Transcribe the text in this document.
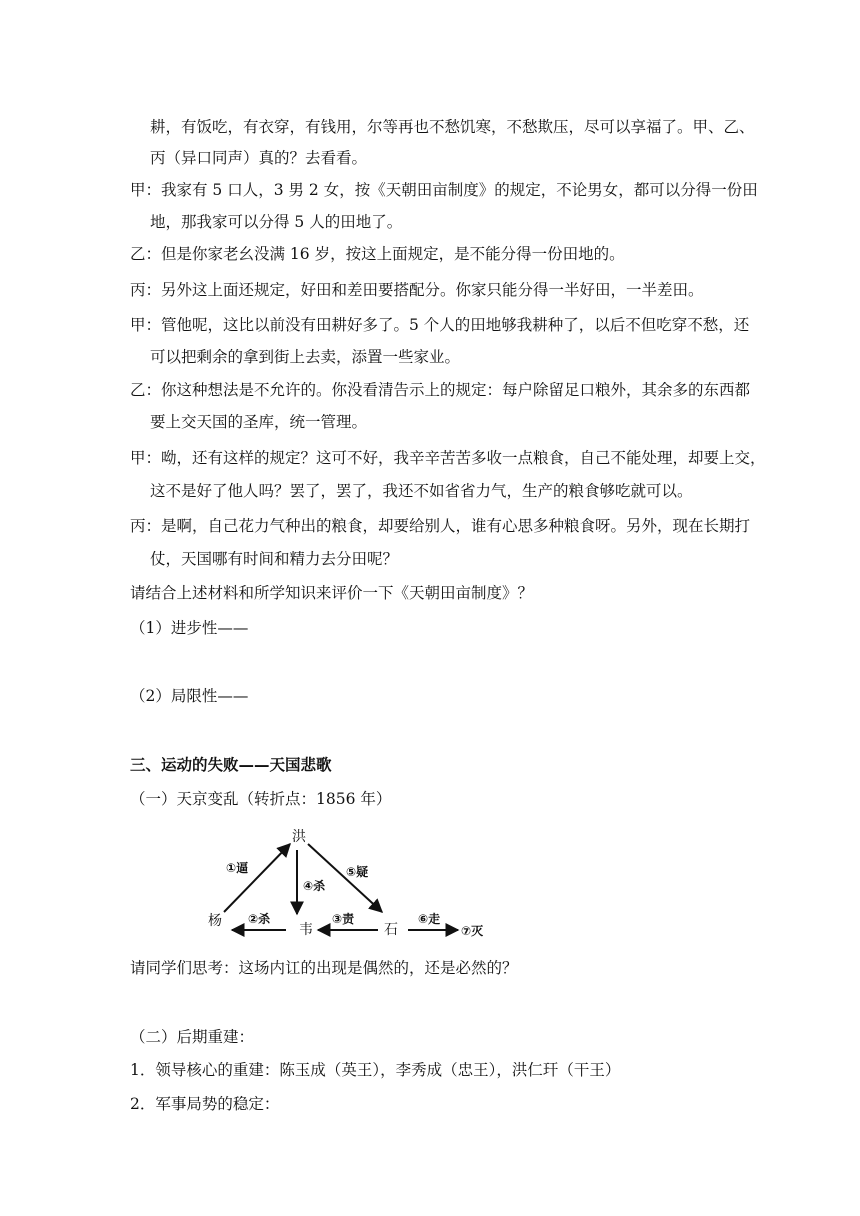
耕，有饭吃，有衣穿，有钱用，尔等再也不愁饥寒，不愁欺压，尽可以享福了。甲、乙、
丙（异口同声）真的？去看看。
甲：我家有 5 口人，3 男 2 女，按《天朝田亩制度》的规定，不论男女，都可以分得一份田
地，那我家可以分得 5 人的田地了。
乙：但是你家老幺没满 16 岁，按这上面规定，是不能分得一份田地的。
丙：另外这上面还规定，好田和差田要搭配分。你家只能分得一半好田，一半差田。
甲：管他呢，这比以前没有田耕好多了。5 个人的田地够我耕种了，以后不但吃穿不愁，还
可以把剩余的拿到街上去卖，添置一些家业。
乙：你这种想法是不允许的。你没看清告示上的规定：每户除留足口粮外，其余多的东西都
要上交天国的圣库，统一管理。
甲：呦，还有这样的规定？这可不好，我辛辛苦苦多收一点粮食，自己不能处理，却要上交，
这不是好了他人吗？罢了，罢了，我还不如省省力气，生产的粮食够吃就可以。
丙：是啊，自己花力气种出的粮食，却要给别人，谁有心思多种粮食呀。另外，现在长期打
仗，天国哪有时间和精力去分田呢？
请结合上述材料和所学知识来评价一下《天朝田亩制度》？
（1）进步性——
（2）局限性——
三、运动的失败——天国悲歌
（一）天京变乱（转折点：1856 年）
洪
杨
韦	石
①逼
④杀
⑤疑
②杀	③责	⑥走
⑦灭
请同学们思考：这场内讧的出现是偶然的，还是必然的？
（二）后期重建：
1．领导核心的重建：陈玉成（英王），李秀成（忠王），洪仁玕（干王）
2．军事局势的稳定：
